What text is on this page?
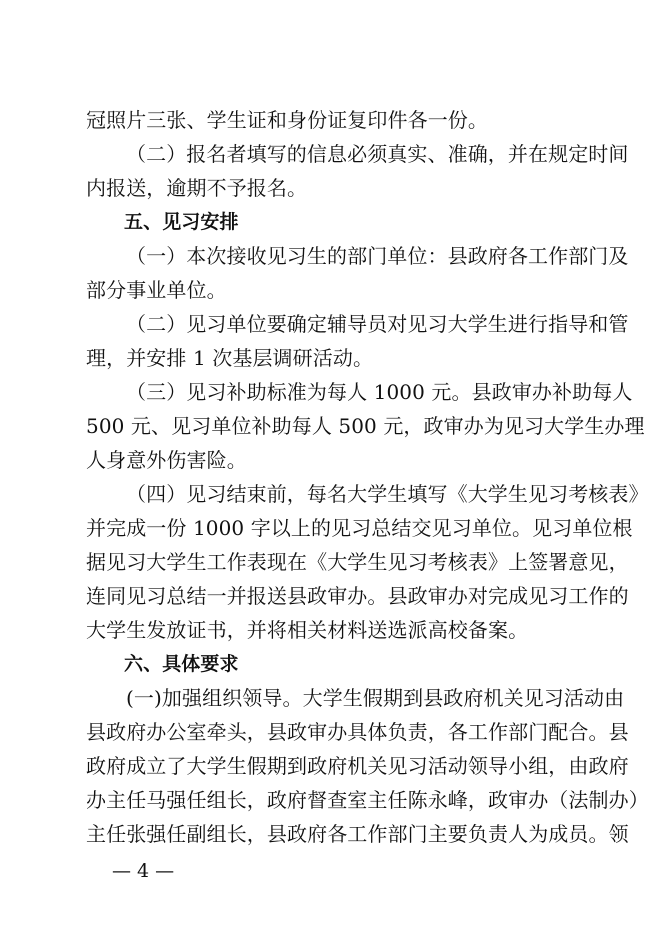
冠照片三张、学生证和身份证复印件各一份。
（二）报名者填写的信息必须真实、准确，并在规定时间
内报送，逾期不予报名。
五、见习安排
（一）本次接收见习生的部门单位：县政府各工作部门及
部分事业单位。
（二）见习单位要确定辅导员对见习大学生进行指导和管
理，并安排 1 次基层调研活动。
（三）见习补助标准为每人 1000 元。县政审办补助每人
500 元、见习单位补助每人 500 元，政审办为见习大学生办理
人身意外伤害险。
（四）见习结束前，每名大学生填写《大学生见习考核表》
并完成一份 1000 字以上的见习总结交见习单位。见习单位根
据见习大学生工作表现在《大学生见习考核表》上签署意见，
连同见习总结一并报送县政审办。县政审办对完成见习工作的
大学生发放证书，并将相关材料送选派高校备案。
六、具体要求
(一)加强组织领导。大学生假期到县政府机关见习活动由
县政府办公室牵头，县政审办具体负责，各工作部门配合。县
政府成立了大学生假期到政府机关见习活动领导小组，由政府
办主任马强任组长，政府督查室主任陈永峰，政审办（法制办）
主任张强任副组长，县政府各工作部门主要负责人为成员。领
— 4 —
